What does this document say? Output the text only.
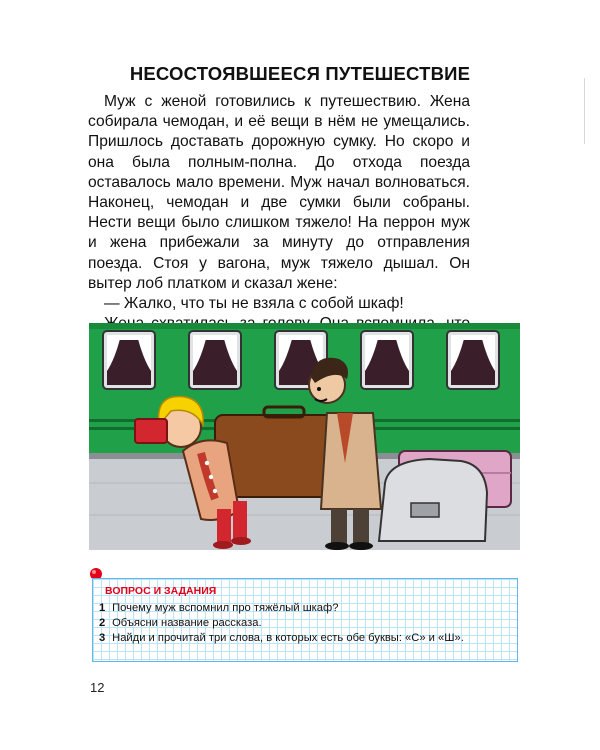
НЕСОСТОЯВШЕЕСЯ ПУТЕШЕСТВИЕ

Муж с женой готовились к путешествию. Жена собирала чемодан, и её вещи в нём не умещались. Пришлось доставать дорожную сумку. Но скоро и она была полным-полна. До отхода поезда оставалось мало времени. Муж начал волноваться. Наконец, чемодан и две сумки были собраны. Нести вещи было слишком тяжело! На перрон муж и жена прибежали за минуту до отправления поезда. Стоя у вагона, муж тяжело дышал. Он вытер лоб платком и сказал жене:

— Жалко, что ты не взяла с собой шкаф!

ВОПРОС И ЗАДАНИЯ
1 Почему муж вспомнил про тяжёлый шкаф?
2 Объясни название рассказа.
3 Найди и прочитай три слова, в которых есть обе буквы: «С» и «Ш».
12
